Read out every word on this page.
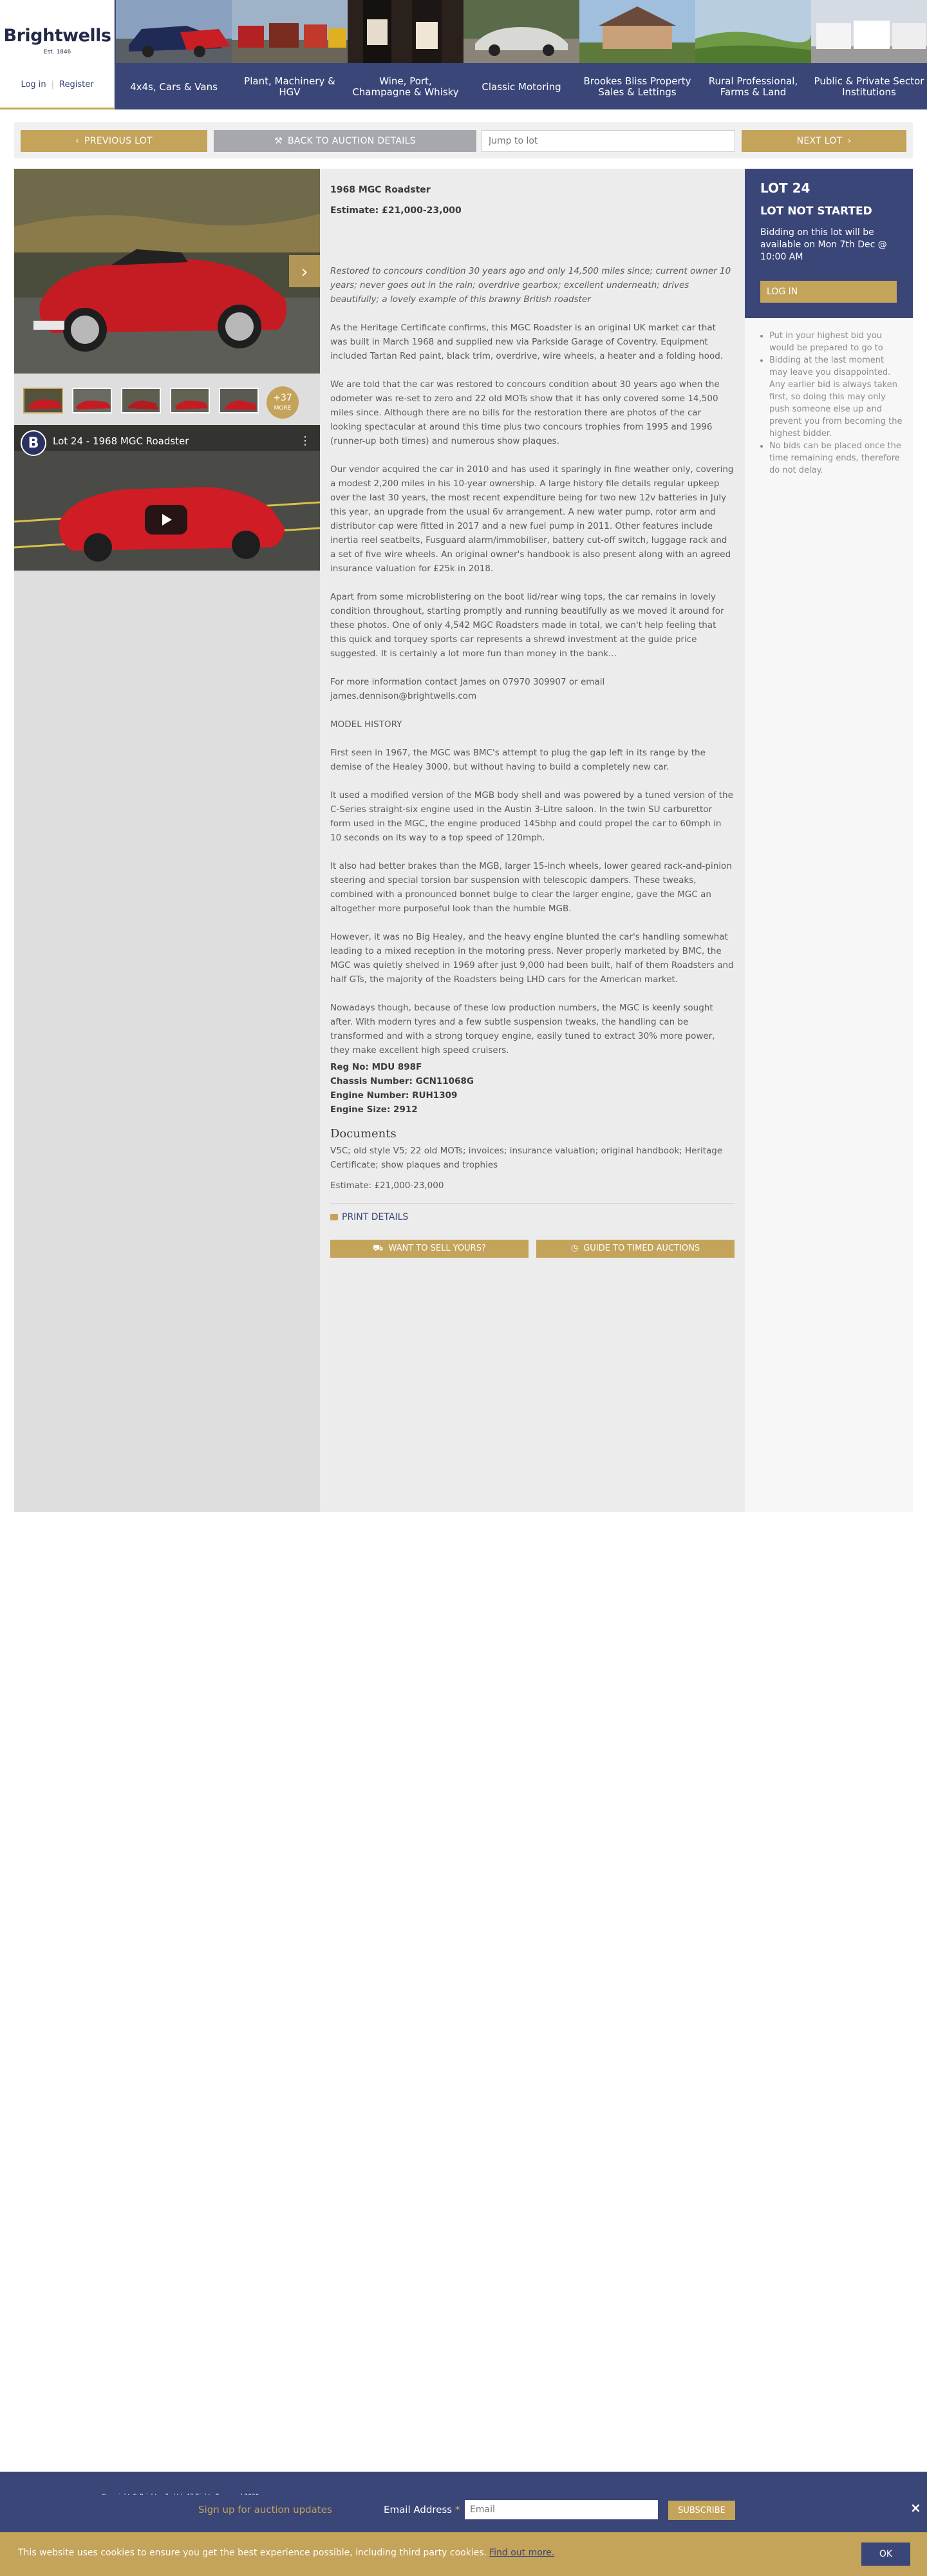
Brightwells
Est. 1846
Log in | Register	4x4s, Cars & Vans	Plant, Machinery & HGV
Wine, Port, Champagne & Whisky	Classic Motoring	Brookes Bliss Property Sales & Lettings
Rural Professional, Farms & Land
Public & Private Sector Institutions
‹ PREVIOUS LOT	⚒ BACK TO AUCTION DETAILS
Jump to lot	NEXT LOT ›
›
+37
MORE
B	Lot 24 - 1968 MGC Roadster	⋮
1968 MGC Roadster
Estimate: £21,000-23,000

Restored to concours condition 30 years ago and only 14,500 miles since; current owner 10 years; never goes out in the rain; overdrive gearbox; excellent underneath; drives beautifully; a lovely example of this brawny British roadster

As the Heritage Certificate confirms, this MGC Roadster is an original UK market car that was built in March 1968 and supplied new via Parkside Garage of Coventry. Equipment included Tartan Red paint, black trim, overdrive, wire wheels, a heater and a folding hood.

We are told that the car was restored to concours condition about 30 years ago when the odometer was re-set to zero and 22 old MOTs show that it has only covered some 14,500 miles since. Although there are no bills for the restoration there are photos of the car looking spectacular at around this time plus two concours trophies from 1995 and 1996 (runner-up both times) and numerous show plaques.

Our vendor acquired the car in 2010 and has used it sparingly in fine weather only, covering a modest 2,200 miles in his 10-year ownership. A large history file details regular upkeep over the last 30 years, the most recent expenditure being for two new 12v batteries in July this year, an upgrade from the usual 6v arrangement. A new water pump, rotor arm and distributor cap were fitted in 2017 and a new fuel pump in 2011. Other features include inertia reel seatbelts, Fusguard alarm/immobiliser, battery cut-off switch, luggage rack and a set of five wire wheels. An original owner's handbook is also present along with an agreed insurance valuation for £25k in 2018.

Apart from some microblistering on the boot lid/rear wing tops, the car remains in lovely condition throughout, starting promptly and running beautifully as we moved it around for these photos. One of only 4,542 MGC Roadsters made in total, we can't help feeling that this quick and torquey sports car represents a shrewd investment at the guide price suggested. It is certainly a lot more fun than money in the bank...

For more information contact James on 07970 309907 or email james.dennison@brightwells.com

MODEL HISTORY

First seen in 1967, the MGC was BMC's attempt to plug the gap left in its range by the demise of the Healey 3000, but without having to build a completely new car.

It used a modified version of the MGB body shell and was powered by a tuned version of the C-Series straight-six engine used in the Austin 3-Litre saloon. In the twin SU carburettor form used in the MGC, the engine produced 145bhp and could propel the car to 60mph in 10 seconds on its way to a top speed of 120mph.

It also had better brakes than the MGB, larger 15-inch wheels, lower geared rack-and-pinion steering and special torsion bar suspension with telescopic dampers. These tweaks, combined with a pronounced bonnet bulge to clear the larger engine, gave the MGC an altogether more purposeful look than the humble MGB.

However, it was no Big Healey, and the heavy engine blunted the car's handling somewhat leading to a mixed reception in the motoring press. Never properly marketed by BMC, the MGC was quietly shelved in 1969 after just 9,000 had been built, half of them Roadsters and half GTs, the majority of the Roadsters being LHD cars for the American market.

Nowadays though, because of these low production numbers, the MGC is keenly sought after. With modern tyres and a few subtle suspension tweaks, the handling can be transformed and with a strong torquey engine, easily tuned to extract 30% more power, they make excellent high speed cruisers.

Reg No: MDU 898F

Chassis Number: GCN11068G

Engine Number: RUH1309

Engine Size: 2912

Documents

V5C; old style V5; 22 old MOTs; invoices; insurance valuation; original handbook; Heritage Certificate; show plaques and trophies

Estimate: £21,000-23,000

PRINT DETAILS
⛟ WANT TO SELL YOURS?	◷ GUIDE TO TIMED AUCTIONS
LOT 24
LOT NOT STARTED
Bidding on this lot will be available on Mon 7th Dec @ 10:00 AM
LOG IN
• Put in your highest bid you would be prepared to go to
• Bidding at the last moment may leave you disappointed. Any earlier bid is always taken first, so doing this may only push someone else up and prevent you from becoming the highest bidder.
• No bids can be placed once the time remaining ends, therefore do not delay.
Sign up for auction updates	Email Address *
Email	SUBSCRIBE	×
This website uses cookies to ensure you get the best experience possible, including third party cookies. Find out more.	OK
